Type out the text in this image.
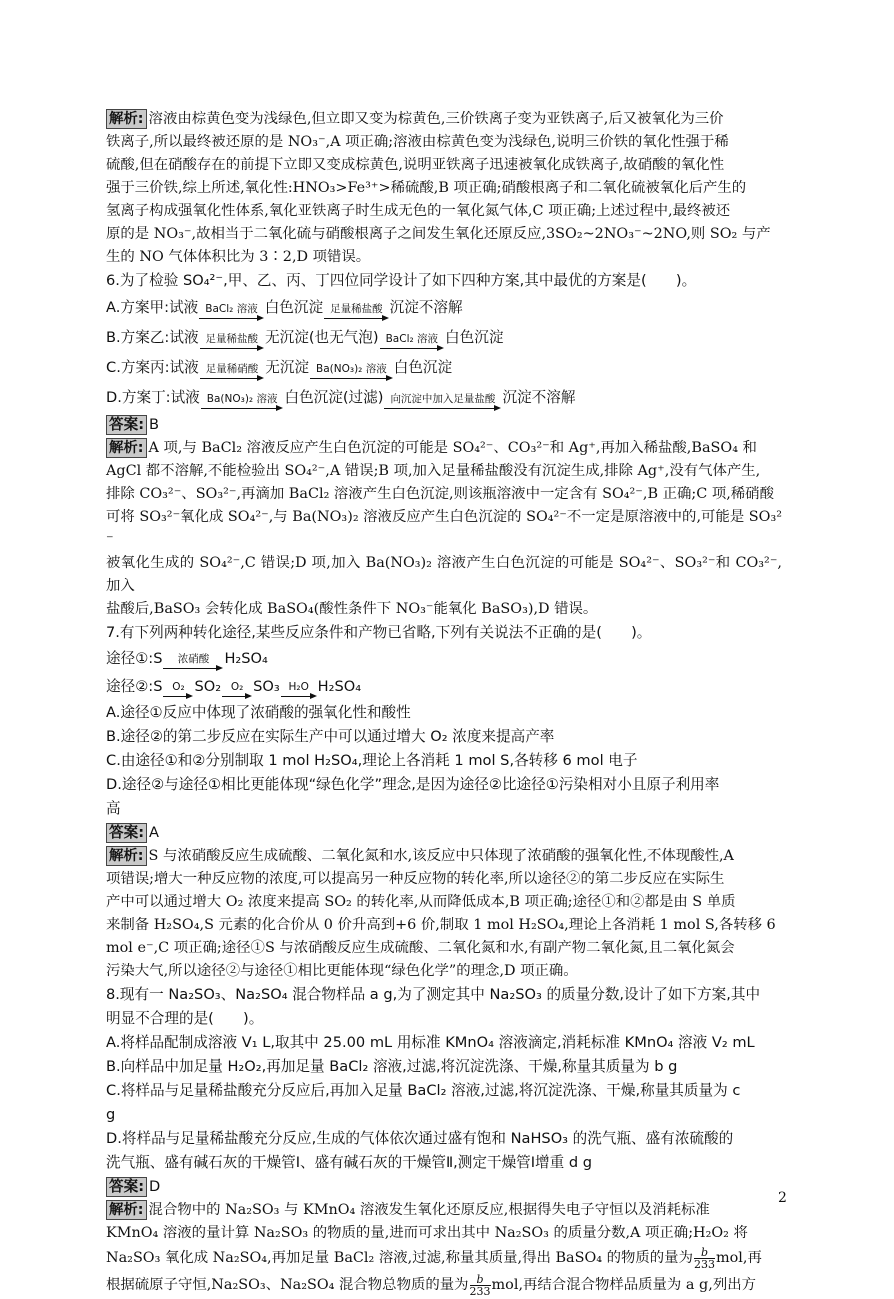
解析: 溶液由棕黄色变为浅绿色,但立即又变为棕黄色,三价铁离子变为亚铁离子,后又被氧化为三价

铁离子,所以最终被还原的是 NO₃⁻,A 项正确;溶液由棕黄色变为浅绿色,说明三价铁的氧化性强于稀

硫酸,但在硝酸存在的前提下立即又变成棕黄色,说明亚铁离子迅速被氧化成铁离子,故硝酸的氧化性

强于三价铁,综上所述,氧化性:HNO₃>Fe³⁺>稀硫酸,B 项正确;硝酸根离子和二氧化硫被氧化后产生的

氢离子构成强氧化性体系,氧化亚铁离子时生成无色的一氧化氮气体,C 项正确;上述过程中,最终被还

原的是 NO₃⁻,故相当于二氧化硫与硝酸根离子之间发生氧化还原反应,3SO₂~2NO₃⁻~2NO,则 SO₂ 与产

生的 NO 气体体积比为 3∶2,D 项错误。

6.为了检验 SO₄²⁻,甲、乙、丙、丁四位同学设计了如下四种方案,其中最优的方案是(　　)。

A.方案甲:试液 BaCl₂ 溶液 白色沉淀 足量稀盐酸 沉淀不溶解

B.方案乙:试液 足量稀盐酸 无沉淀(也无气泡) BaCl₂ 溶液 白色沉淀

C.方案丙:试液 足量稀硝酸 无沉淀 Ba(NO₃)₂ 溶液 白色沉淀

D.方案丁:试液 Ba(NO₃)₂ 溶液 白色沉淀(过滤) 向沉淀中加入足量盐酸 沉淀不溶解

答案: B

解析: A 项,与 BaCl₂ 溶液反应产生白色沉淀的可能是 SO₄²⁻、CO₃²⁻和 Ag⁺,再加入稀盐酸,BaSO₄ 和

AgCl 都不溶解,不能检验出 SO₄²⁻,A 错误;B 项,加入足量稀盐酸没有沉淀生成,排除 Ag⁺,没有气体产生,

排除 CO₃²⁻、SO₃²⁻,再滴加 BaCl₂ 溶液产生白色沉淀,则该瓶溶液中一定含有 SO₄²⁻,B 正确;C 项,稀硝酸

可将 SO₃²⁻氧化成 SO₄²⁻,与 Ba(NO₃)₂ 溶液反应产生白色沉淀的 SO₄²⁻不一定是原溶液中的,可能是 SO₃²⁻

被氧化生成的 SO₄²⁻,C 错误;D 项,加入 Ba(NO₃)₂ 溶液产生白色沉淀的可能是 SO₄²⁻、SO₃²⁻和 CO₃²⁻,加入

盐酸后,BaSO₃ 会转化成 BaSO₄(酸性条件下 NO₃⁻能氧化 BaSO₃),D 错误。

7.有下列两种转化途径,某些反应条件和产物已省略,下列有关说法不正确的是(　　)。

途径①:S	浓硝酸	H₂SO₄

途径②:S O₂ SO₂ O₂ SO₃ H₂O H₂SO₄

A.途径①反应中体现了浓硝酸的强氧化性和酸性

B.途径②的第二步反应在实际生产中可以通过增大 O₂ 浓度来提高产率

C.由途径①和②分别制取 1 mol H₂SO₄,理论上各消耗 1 mol S,各转移 6 mol 电子

D.途径②与途径①相比更能体现“绿色化学”理念,是因为途径②比途径①污染相对小且原子利用率

高

答案: A

解析: S 与浓硝酸反应生成硫酸、二氧化氮和水,该反应中只体现了浓硝酸的强氧化性,不体现酸性,A

项错误;增大一种反应物的浓度,可以提高另一种反应物的转化率,所以途径②的第二步反应在实际生

产中可以通过增大 O₂ 浓度来提高 SO₂ 的转化率,从而降低成本,B 项正确;途径①和②都是由 S 单质

来制备 H₂SO₄,S 元素的化合价从 0 价升高到+6 价,制取 1 mol H₂SO₄,理论上各消耗 1 mol S,各转移 6

mol e⁻,C 项正确;途径①S 与浓硝酸反应生成硫酸、二氧化氮和水,有副产物二氧化氮,且二氧化氮会

污染大气,所以途径②与途径①相比更能体现“绿色化学”的理念,D 项正确。

8.现有一 Na₂SO₃、Na₂SO₄ 混合物样品 a g,为了测定其中 Na₂SO₃ 的质量分数,设计了如下方案,其中

明显不合理的是(　　)。

A.将样品配制成溶液 V₁ L,取其中 25.00 mL 用标准 KMnO₄ 溶液滴定,消耗标准 KMnO₄ 溶液 V₂ mL

B.向样品中加足量 H₂O₂,再加足量 BaCl₂ 溶液,过滤,将沉淀洗涤、干燥,称量其质量为 b g

C.将样品与足量稀盐酸充分反应后,再加入足量 BaCl₂ 溶液,过滤,将沉淀洗涤、干燥,称量其质量为 c

g

D.将样品与足量稀盐酸充分反应,生成的气体依次通过盛有饱和 NaHSO₃ 的洗气瓶、盛有浓硫酸的

洗气瓶、盛有碱石灰的干燥管Ⅰ、盛有碱石灰的干燥管Ⅱ,测定干燥管Ⅰ增重 d g

答案: D

解析: 混合物中的 Na₂SO₃ 与 KMnO₄ 溶液发生氧化还原反应,根据得失电子守恒以及消耗标准

KMnO₄ 溶液的量计算 Na₂SO₃ 的物质的量,进而可求出其中 Na₂SO₃ 的质量分数,A 项正确;H₂O₂ 将

Na₂SO₃ 氧化成 Na₂SO₄,再加足量 BaCl₂ 溶液,过滤,称量其质量,得出 BaSO₄ 的物质的量为 $\frac{b}{233}$ mol,再

根据硫原子守恒,Na₂SO₃、Na₂SO₄ 混合物总物质的量为 $\frac{b}{233}$ mol,再结合混合物样品质量为 a g,列出方

2
